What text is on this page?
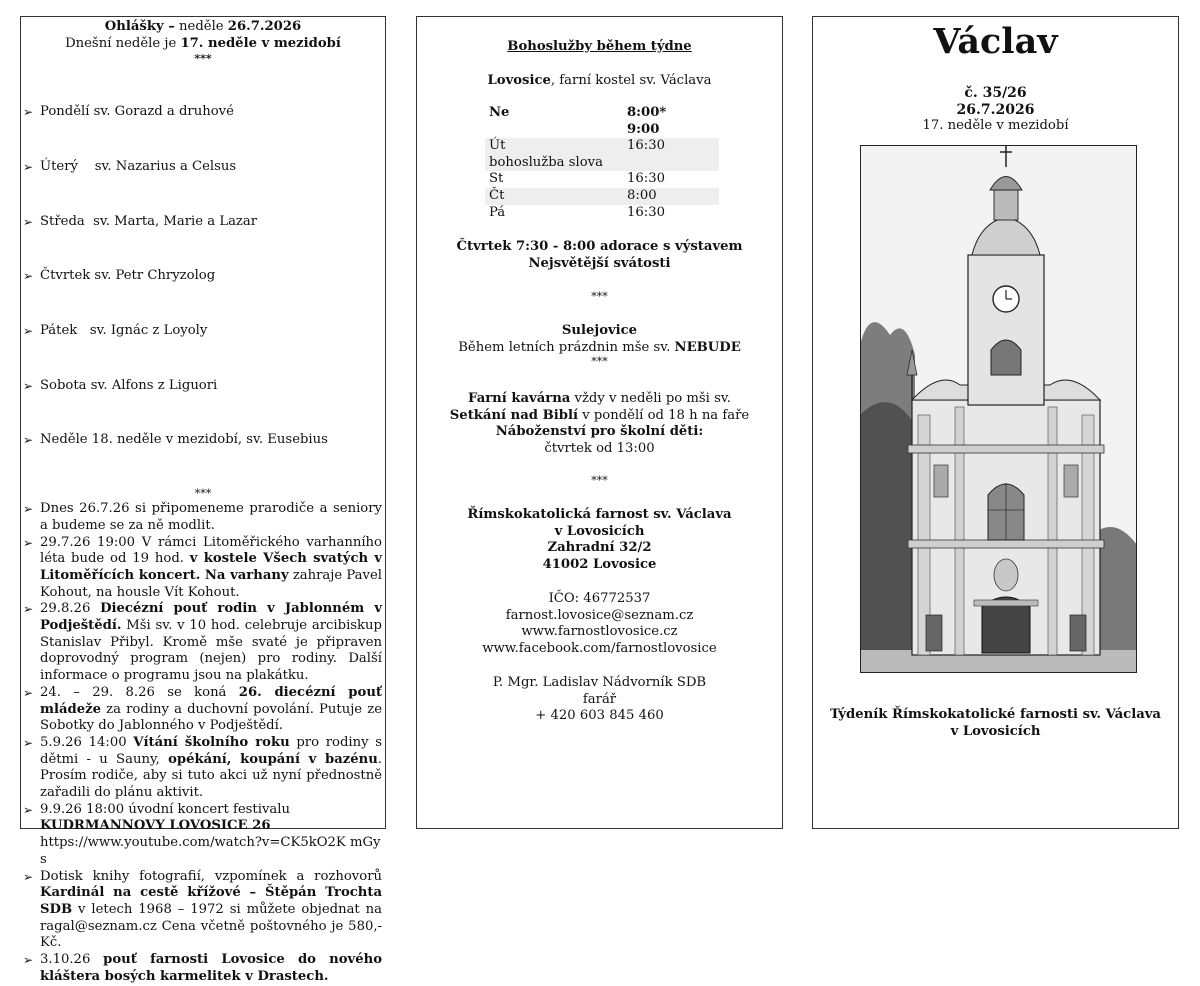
Ohlášky – neděle 26.7.2026
Dnešní neděle je 17. neděle v mezidobí
***

➢ Pondělí sv. Gorazd a druhové

➢ Úterý    sv. Nazarius a Celsus

➢ Středa  sv. Marta, Marie a Lazar

➢ Čtvrtek sv. Petr Chryzolog

➢ Pátek   sv. Ignác z Loyoly

➢ Sobota sv. Alfons z Liguori

➢ Neděle 18. neděle v mezidobí, sv. Eusebius

***
➢ Dnes 26.7.26 si připomeneme prarodiče a seniory a budeme se za ně modlit.
➢ 29.7.26 19:00 V rámci Litoměřického varhanního léta bude od 19 hod. v kostele Všech svatých v Litoměřících koncert. Na varhany zahraje Pavel Kohout, na housle Vít Kohout.
➢ 29.8.26 Diecézní pouť rodin v Jablonném v Podještědí. Mši sv. v 10 hod. celebruje arcibiskup Stanislav Přibyl. Kromě mše svaté je připraven doprovodný program (nejen) pro rodiny. Další informace o programu jsou na plakátku.
➢ 24. – 29. 8.26 se koná 26. diecézní pouť mládeže za rodiny a duchovní povolání. Putuje ze Sobotky do Jablonného v Podještědí.
➢ 5.9.26 14:00 Vítání školního roku pro rodiny s dětmi - u Sauny, opékání, koupání v bazénu. Prosím rodiče, aby si tuto akci už nyní přednostně zařadili do plánu aktivit.
➢ 9.9.26 18:00 úvodní koncert festivalu
KUDRMANNOVY LOVOSICE 26
https://www.youtube.com/watch?v=CK5kO2K mGys
➢ Dotisk knihy fotografií, vzpomínek a rozhovorů Kardinál na cestě křížové – Štěpán Trochta SDB v letech 1968 – 1972 si můžete objednat na ragal@seznam.cz Cena včetně poštovného je 580,- Kč.
➢ 3.10.26 pouť farnosti Lovosice do nového kláštera bosých karmelitek v Drastech.
Bohoslužby během týdne
Lovosice, farní kostel sv. Václava
Ne	8:00*
	9:00
Út	16:30
bohoslužba slova	
St	16:30
Čt	8:00
Pá	16:30
Čtvrtek 7:30 - 8:00 adorace s výstavem
Nejsvětější svátosti
***
Sulejovice
Během letních prázdnin mše sv. NEBUDE
***
Farní kavárna vždy v neděli po mši sv.
Setkání nad Biblí v pondělí od 18 h na faře
Náboženství pro školní děti:
čtvrtek od 13:00
***
Římskokatolická farnost sv. Václava
v Lovosicích
Zahradní 32/2
41002 Lovosice
IČO: 46772537
farnost.lovosice@seznam.cz
www.farnostlovosice.cz
www.facebook.com/farnostlovosice
P. Mgr. Ladislav Nádvorník SDB
farář
+ 420 603 845 460
Václav
č. 35/26
26.7.2026
17. neděle v mezidobí
Týdeník Římskokatolické farnosti sv. Václava
v Lovosicích
